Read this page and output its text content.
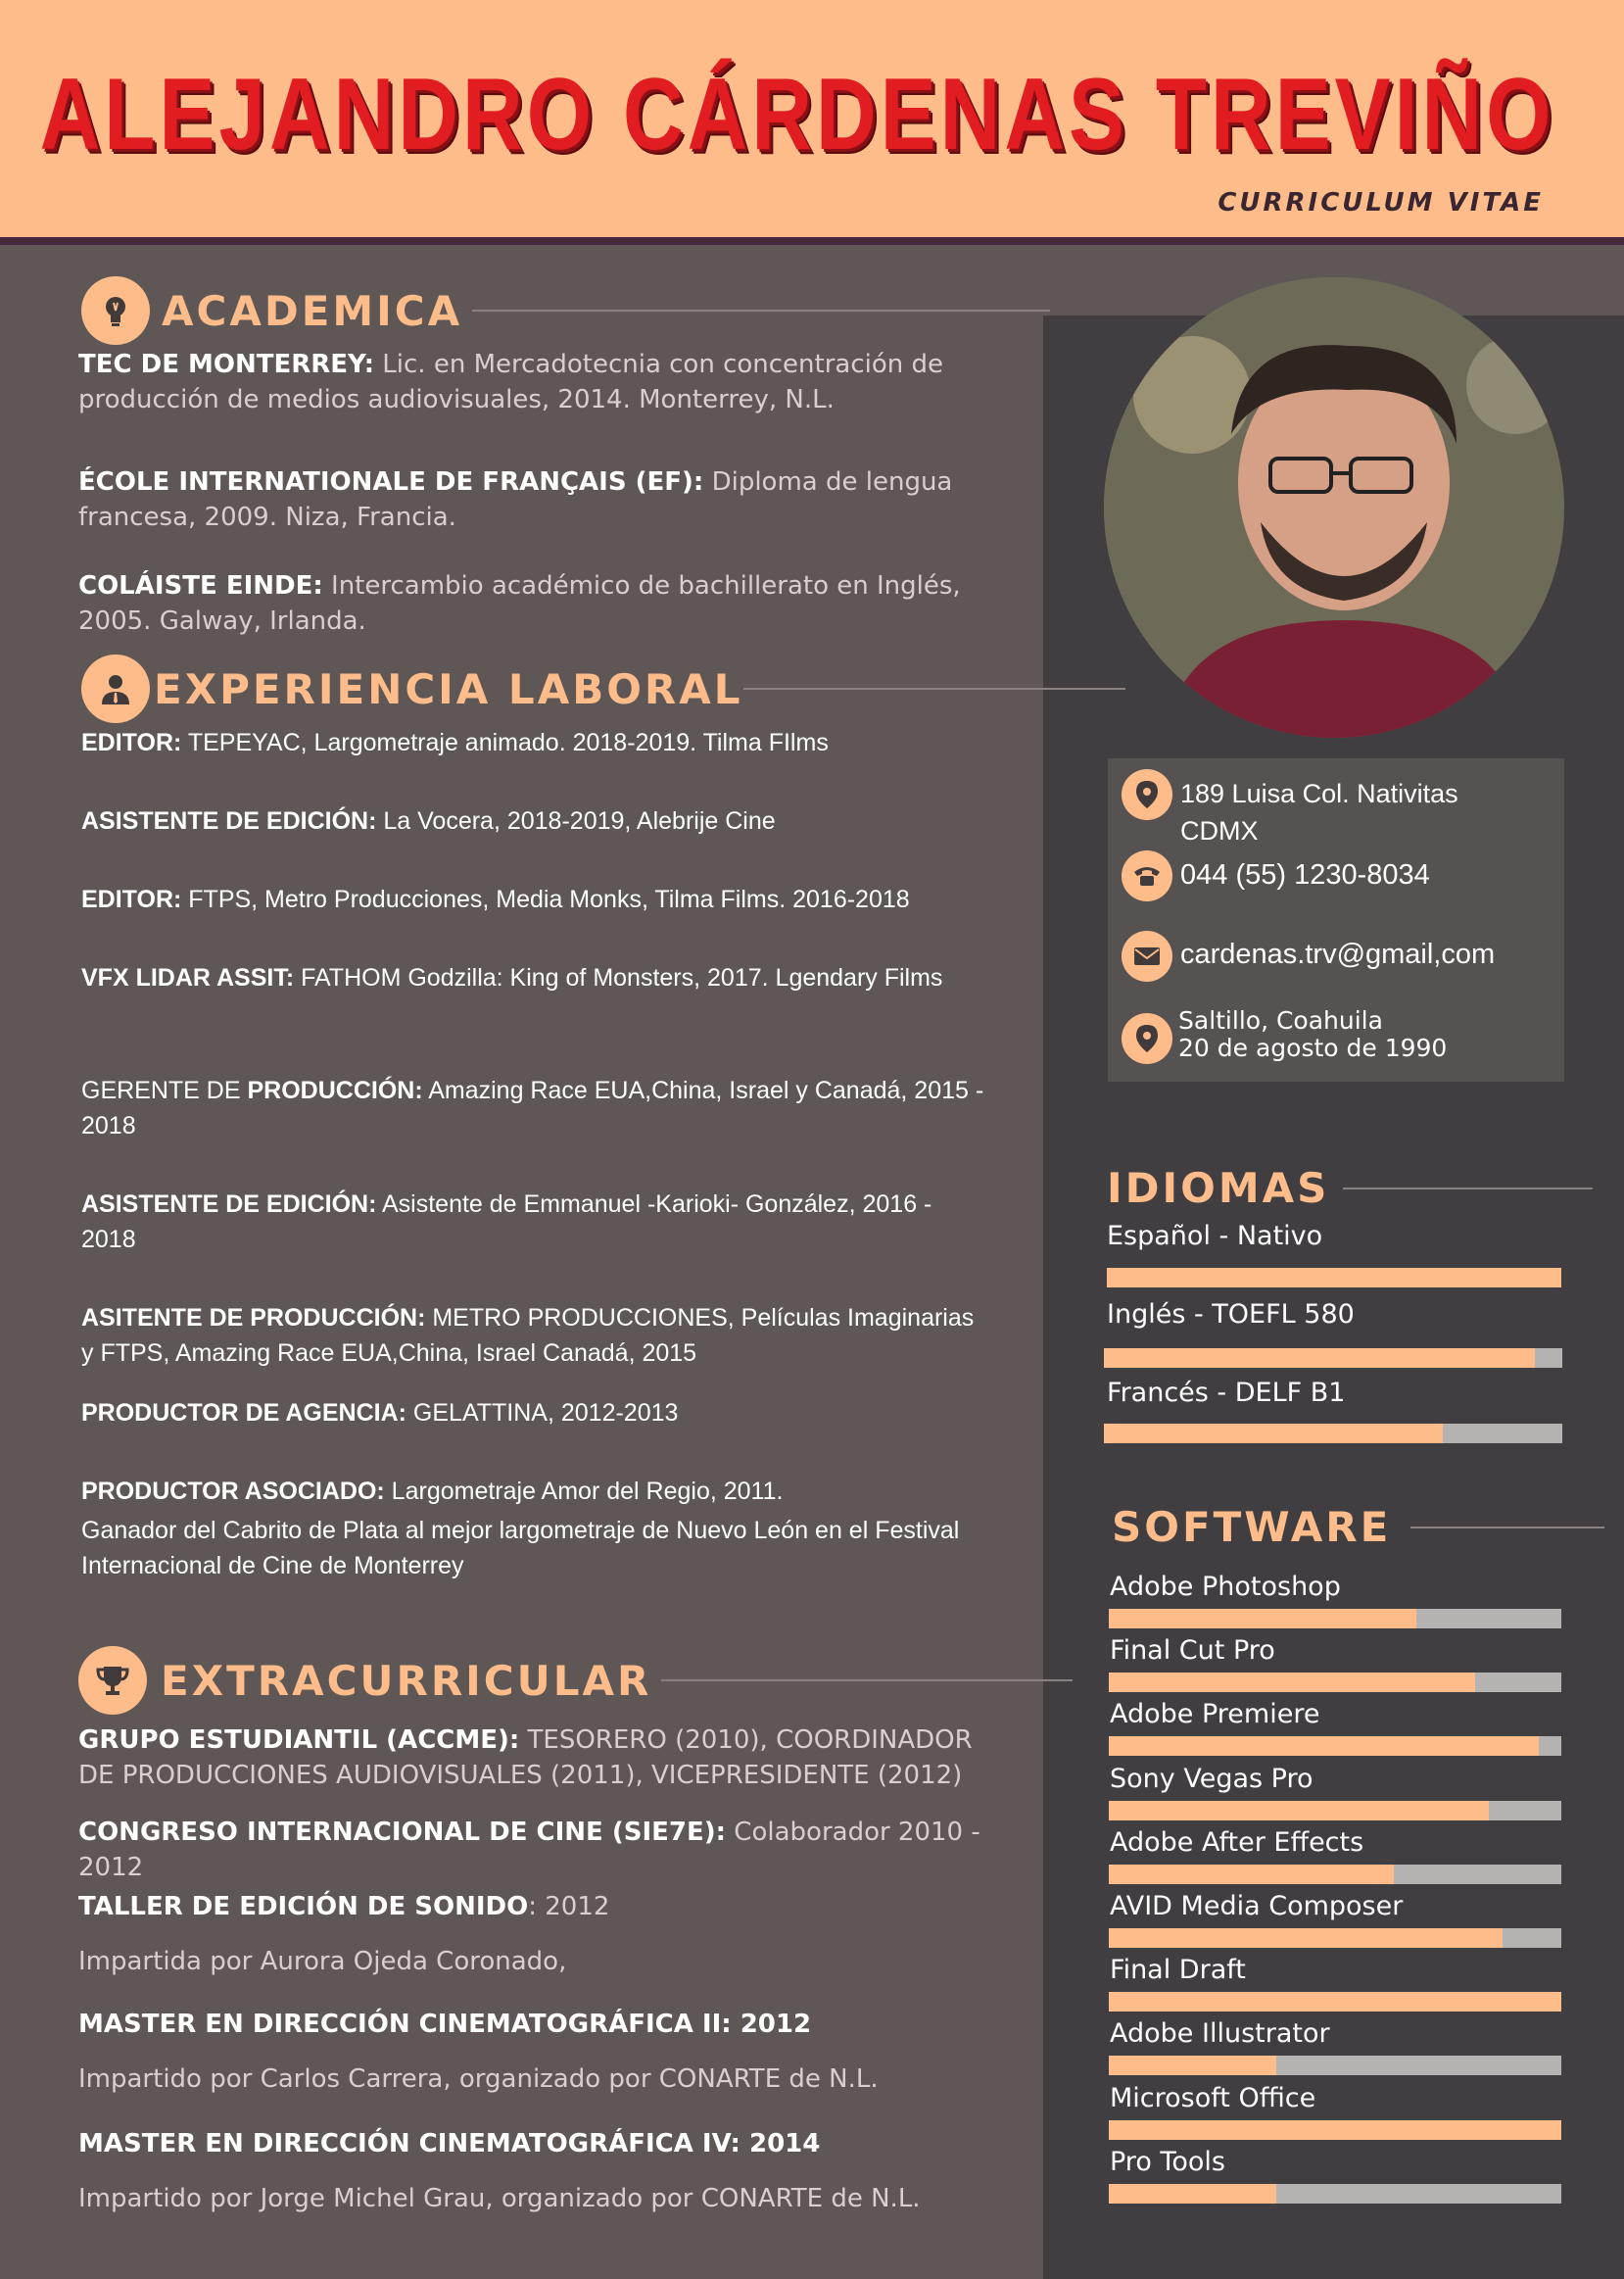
ALEJANDRO CÁRDENAS TREVIÑO
CURRICULUM VITAE
ACADEMICA
TEC DE MONTERREY: Lic. en Mercadotecnia con concentración de producción de medios audiovisuales, 2014. Monterrey, N.L.
ÉCOLE INTERNATIONALE DE FRANÇAIS (EF): Diploma de lengua francesa, 2009. Niza, Francia.
COLÁISTE EINDE: Intercambio académico de bachillerato en Inglés, 2005. Galway, Irlanda.
EXPERIENCIA LABORAL
EDITOR: TEPEYAC, Largometraje animado. 2018-2019. Tilma FIlms
ASISTENTE DE EDICIÓN: La Vocera, 2018-2019, Alebrije Cine
EDITOR: FTPS, Metro Producciones, Media Monks, Tilma Films. 2016-2018
VFX LIDAR ASSIT: FATHOM Godzilla: King of Monsters, 2017. Lgendary Films
GERENTE DE PRODUCCIÓN: Amazing Race EUA,China, Israel y Canadá, 2015 - 2018
ASISTENTE DE EDICIÓN: Asistente de Emmanuel -Karioki- González, 2016 - 2018
ASITENTE DE PRODUCCIÓN: METRO PRODUCCIONES, Películas Imaginarias y FTPS, Amazing Race EUA,China, Israel Canadá, 2015
PRODUCTOR DE AGENCIA: GELATTINA, 2012-2013
PRODUCTOR ASOCIADO: Largometraje Amor del Regio, 2011.
Ganador del Cabrito de Plata al mejor largometraje de Nuevo León en el Festival Internacional de Cine de Monterrey
EXTRACURRICULAR
GRUPO ESTUDIANTIL (ACCME): TESORERO (2010), COORDINADOR DE PRODUCCIONES AUDIOVISUALES (2011), VICEPRESIDENTE (2012)
CONGRESO INTERNACIONAL DE CINE (SIE7E): Colaborador 2010 - 2012
TALLER DE EDICIÓN DE SONIDO: 2012
Impartida por Aurora Ojeda Coronado,
MASTER EN DIRECCIÓN CINEMATOGRÁFICA II: 2012
Impartido por Carlos Carrera, organizado por CONARTE de N.L.
MASTER EN DIRECCIÓN CINEMATOGRÁFICA IV: 2014
Impartido por Jorge Michel Grau, organizado por CONARTE de N.L.
189 Luisa Col. Nativitas
CDMX
044 (55) 1230-8034
cardenas.trv@gmail,com
Saltillo, Coahuila
20 de agosto de 1990
IDIOMAS
Español - Nativo
Inglés - TOEFL 580
Francés - DELF B1
SOFTWARE
Adobe Photoshop
Final Cut Pro
Adobe Premiere
Sony Vegas Pro
Adobe After Effects
AVID Media Composer
Final Draft
Adobe Illustrator
Microsoft Office
Pro Tools
